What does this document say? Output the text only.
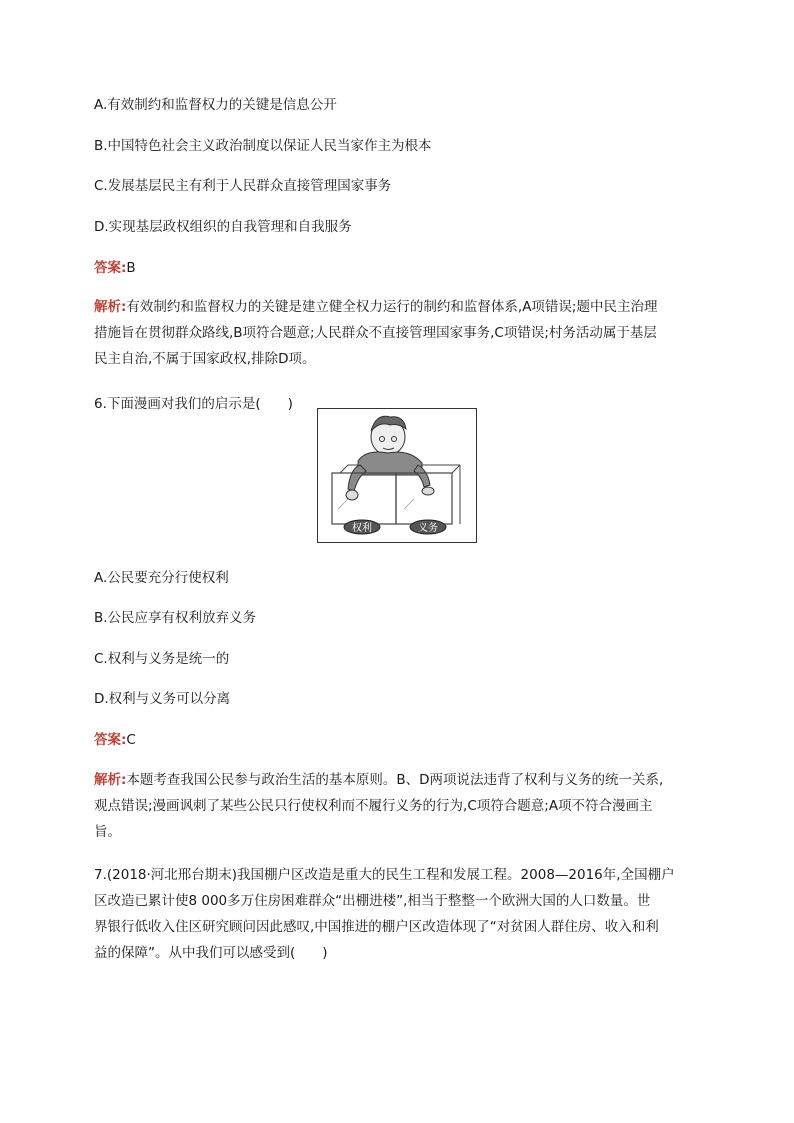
A.有效制约和监督权力的关键是信息公开
B.中国特色社会主义政治制度以保证人民当家作主为根本
C.发展基层民主有利于人民群众直接管理国家事务
D.实现基层政权组织的自我管理和自我服务
答案:B
解析:有效制约和监督权力的关键是建立健全权力运行的制约和监督体系,A项错误;题中民主治理
措施旨在贯彻群众路线,B项符合题意;人民群众不直接管理国家事务,C项错误;村务活动属于基层
民主自治,不属于国家政权,排除D项。
6.下面漫画对我们的启示是(　　)
权利	义务
A.公民要充分行使权利
B.公民应享有权利放弃义务
C.权利与义务是统一的
D.权利与义务可以分离
答案:C
解析:本题考查我国公民参与政治生活的基本原则。B、D两项说法违背了权利与义务的统一关系,
观点错误;漫画讽刺了某些公民只行使权利而不履行义务的行为,C项符合题意;A项不符合漫画主
旨。
7.(2018·河北邢台期末)我国棚户区改造是重大的民生工程和发展工程。2008—2016年,全国棚户
区改造已累计使8 000多万住房困难群众“出棚进楼”,相当于整整一个欧洲大国的人口数量。世
界银行低收入住区研究顾问因此感叹,中国推进的棚户区改造体现了“对贫困人群住房、收入和利
益的保障”。从中我们可以感受到(　　)
